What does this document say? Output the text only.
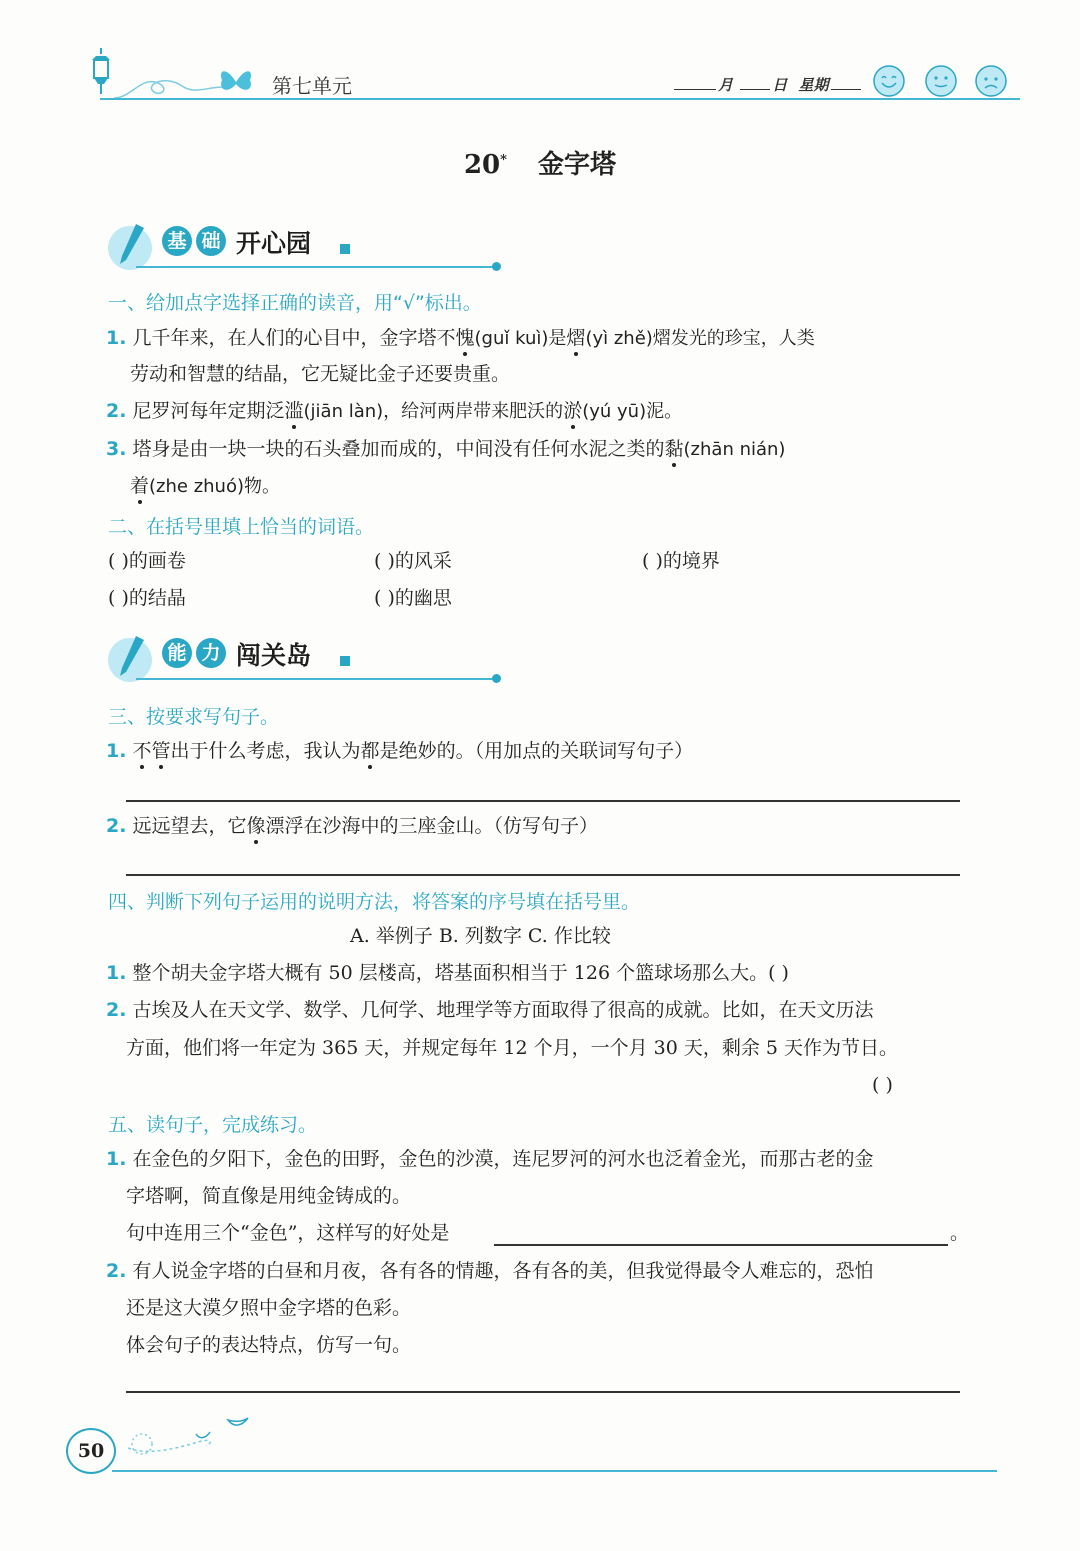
第七单元	月	日 星期
20* 金字塔
基 础 开心园
一、给加点字选择正确的读音，用“√”标出。
1. 几千年来，在人们的心目中，金字塔不愧(guǐ kuì)是熠(yì zhě)熠发光的珍宝，人类
劳动和智慧的结晶，它无疑比金子还要贵重。
2. 尼罗河每年定期泛滥(jiān làn)，给河两岸带来肥沃的淤(yú yū)泥。
3. 塔身是由一块一块的石头叠加而成的，中间没有任何水泥之类的黏(zhān nián)
着(zhe zhuó)物。
二、在括号里填上恰当的词语。
( )的画卷	( )的风采	( )的境界
( )的结晶	( )的幽思
能 力 闯关岛
三、按要求写句子。
1. 不管出于什么考虑，我认为都是绝妙的。（用加点的关联词写句子）
2. 远远望去，它像漂浮在沙海中的三座金山。（仿写句子）
四、判断下列句子运用的说明方法，将答案的序号填在括号里。
A. 举例子 B. 列数字 C. 作比较
1. 整个胡夫金字塔大概有 50 层楼高，塔基面积相当于 126 个篮球场那么大。( )
2. 古埃及人在天文学、数学、几何学、地理学等方面取得了很高的成就。比如，在天文历法
方面，他们将一年定为 365 天，并规定每年 12 个月，一个月 30 天，剩余 5 天作为节日。
( )
五、读句子，完成练习。
1. 在金色的夕阳下，金色的田野，金色的沙漠，连尼罗河的河水也泛着金光，而那古老的金
字塔啊，简直像是用纯金铸成的。
句中连用三个“金色”，这样写的好处是	。
2. 有人说金字塔的白昼和月夜，各有各的情趣，各有各的美，但我觉得最令人难忘的，恐怕
还是这大漠夕照中金字塔的色彩。
体会句子的表达特点，仿写一句。
50
